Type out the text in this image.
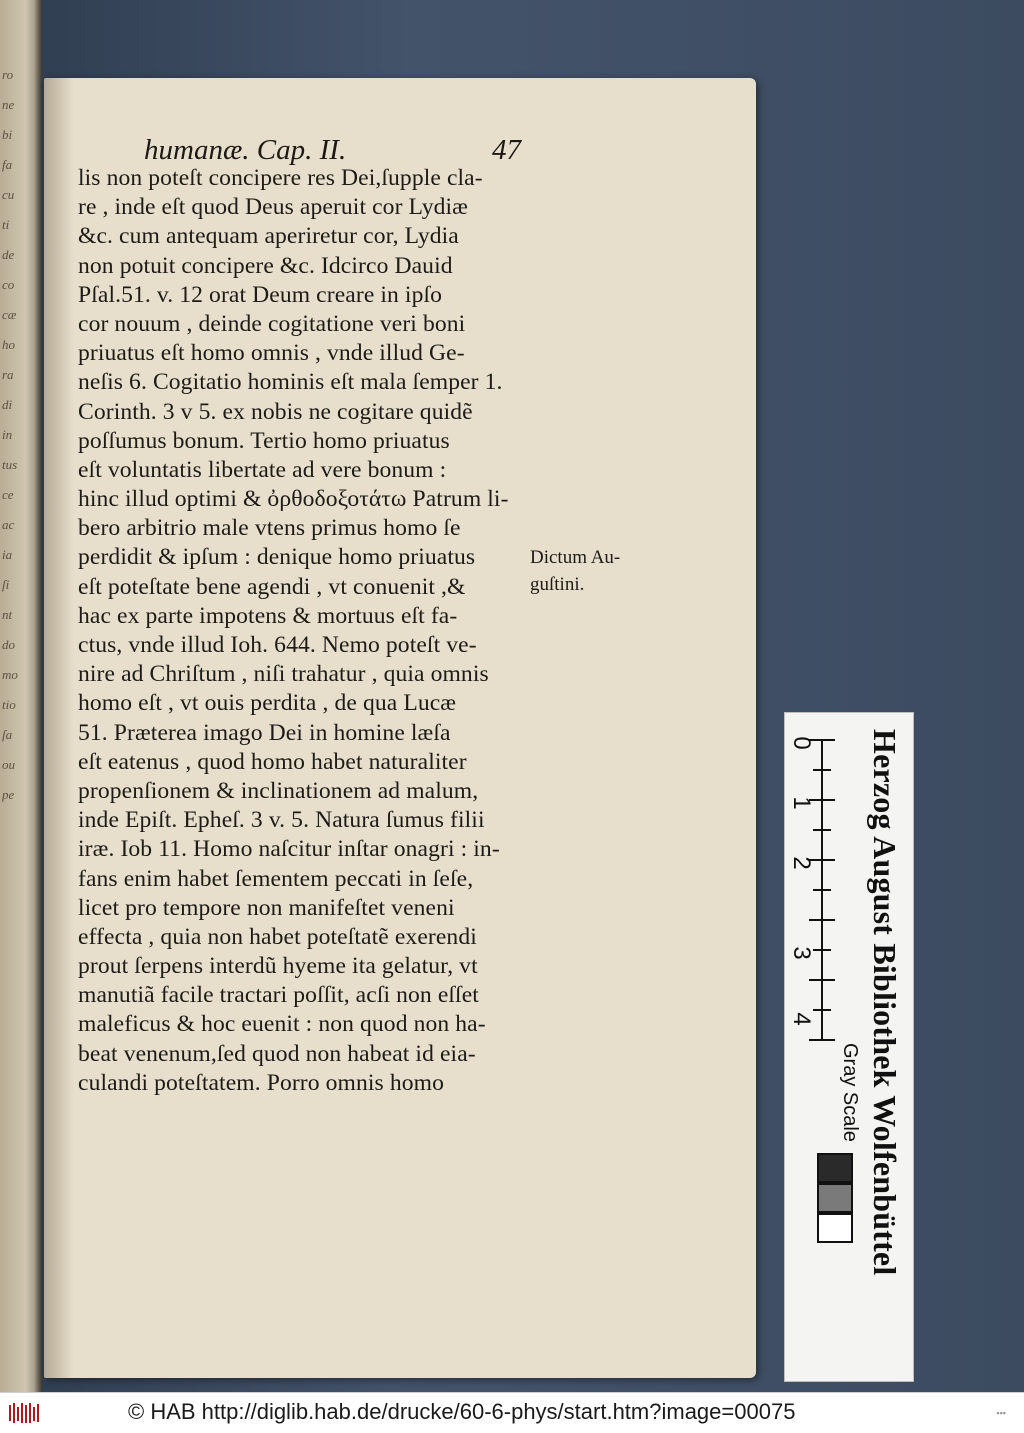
ro
ne
bi
fa
cu
ti
de
co
cæ
ho
ra
di
in
tus
ce
ac
ia
ſi
nt
do
mo
tio
ſa
ou
pe
humanæ. Cap. II.	47
lis non poteſt concipere res Dei,ſupple cla-
re , inde eſt quod Deus aperuit cor Lydiæ
&c. cum antequam aperiretur cor, Lydia
non potuit concipere &c. Idcirco Dauid
Pſal.51. v. 12 orat Deum creare in ipſo
cor nouum , deinde cogitatione veri boni
priuatus eſt homo omnis , vnde illud Ge-
neſis 6. Cogitatio hominis eſt mala ſemper 1.
Corinth. 3 v 5. ex nobis ne cogitare quidẽ
poſſumus bonum. Tertio homo priuatus
eſt voluntatis libertate ad vere bonum :
hinc illud optimi & ὀρθοδοξοτάτω Patrum li-
bero arbitrio male vtens primus homo ſe
perdidit & ipſum : denique homo priuatus
eſt poteſtate bene agendi , vt conuenit ,&
hac ex parte impotens & mortuus eſt fa-
ctus, vnde illud Ioh. 644. Nemo poteſt ve-
nire ad Chriſtum , niſi trahatur , quia omnis
homo eſt , vt ouis perdita , de qua Lucæ
51. Præterea imago Dei in homine læſa
eſt eatenus , quod homo habet naturaliter
propenſionem & inclinationem ad malum,
inde Epiſt. Epheſ. 3 v. 5. Natura ſumus filii
iræ. Iob 11. Homo naſcitur inſtar onagri : in-
fans enim habet ſementem peccati in ſeſe,
licet pro tempore non manifeſtet veneni
effecta , quia non habet poteſtatẽ exerendi
prout ſerpens interdũ hyeme ita gelatur, vt
manutiã facile tractari poſſit, acſi non eſſet
maleficus & hoc euenit : non quod non ha-
beat venenum,ſed quod non habeat id eia-
culandi poteſtatem. Porro omnis homo
Dictum Au-
guſtini.
Herzog August Bibliothek Wolfenbüttel
0
1
2
3
4
Gray Scale
© HAB http://diglib.hab.de/drucke/60-6-phys/start.htm?image=00075	▪▪▪
